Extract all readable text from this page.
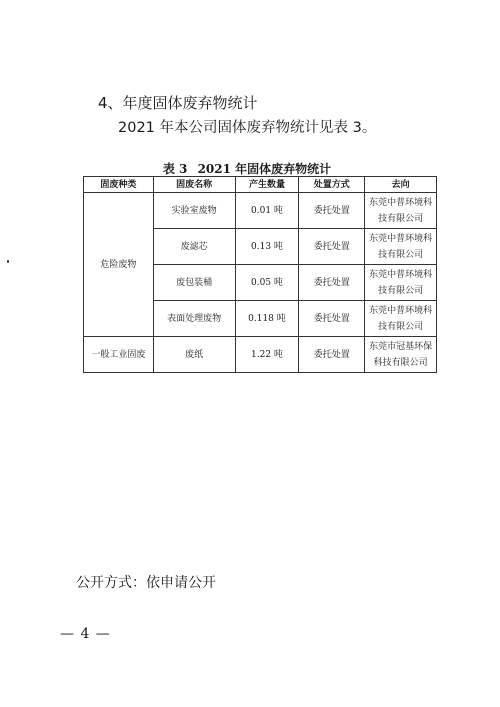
4、年度固体废弃物统计
2021 年本公司固体废弃物统计见表 3。
表 3 2021 年固体废弃物统计
固废种类	固废名称	产生数量	处置方式	去向
危险废物	实验室废物	0.01 吨	委托处置	东莞中普环境科
技有限公司
	废滤芯	0.13 吨	委托处置	东莞中普环境科
技有限公司
	废包装桶	0.05 吨	委托处置	东莞中普环境科
技有限公司
	表面处理废物	0.118 吨	委托处置	东莞中普环境科
技有限公司
一般工业固废	废纸	1.22 吨	委托处置	东莞市冠基环保
科技有限公司
公开方式：依申请公开
— 4 —
